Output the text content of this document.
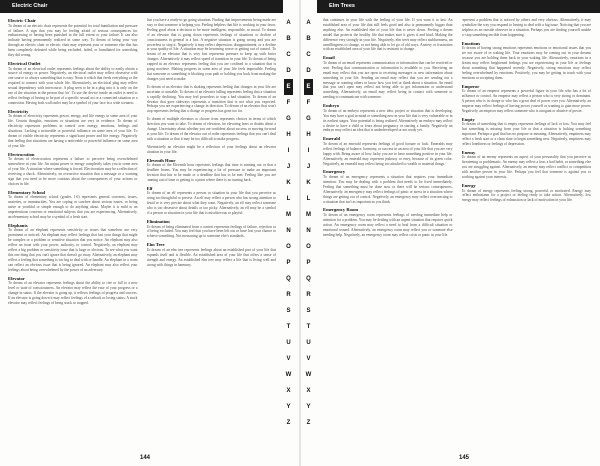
Electric Chair
Electric Chair
To dream of an electric chair represents the potential for total humiliation and pressure of failure. A sign that you may be feeling afraid of serious consequences for embarrassing or having been punished in the full extent or your failure. It can also indicate having permanently realized in some way. To dream of being your way through an electric chair or electric chair may represent your or someone else that has been completely defeated while being excluded, failed, or humiliated for something they did wrong.
Electrical Outlet
To dream of an electrical outlet represents feelings about the ability to easily obtain a source of energy or power. Negatively, an electrical outlet may reflect obsessive with one source or always something that is easy. Noun it which that feeds everything or the required to connect with your whole life. Alternatively, an electrical plug may reflect sexual dependency with intercourse. A plug seen to be in a plug into it is only on the use of the situation in the person that 'on'. To use the device inside an outlet is need to reflect feelings of having to be part of a specific sexual act or a connected situation or a connection. Having both wall outlet may be a symbol of your face in a wide scenario.
Electricity
To dream of electricity represents power, energy, and life energy in some area of your life. Certain thoughts, emotions or situations are very in evidence. To dream of electricity represents problems in control over energy, emotions, feelings and situations. Lacking a noticeable or powerful influence on some area of your life. To dream of visible electricity represents a significant power and life energy. Negatively that feeling that situations are having a noticeable or powerful influence on some area of your life.
Electrocution
To dream of electrocution represents a failure to perceive being overwhelmed somewhere in your life. An unjust power or energy completely takes you in some area of your life. A situation where something is forced. Electrocution may be a reflection of receiving a shock. Alternatively, an overactive situation that a message or a warning sign that you need to be more cautious about the consequences of your actions or choices in life.
Elementary School
To dream of elementary school (grades 1-6) represents general concerns, issues, anxieties, or immaturities. You are coping or carefree about serious issues, or being naive or youthful or simple enough to do anything about. Maybe it is mild or an unpretentious concerns or emotional subjects that you are experiencing. Alternatively, an elementary school may be a symbol of a fresh start.
Elephants
To dream of an elephant represents sensitivity or issues that somehow are very prominent or noticed. An elephant may reflect feelings that last your things that might be complex or a problem or sensitive situation that you notice. An elephant may also reflect an issue with your power, authority, or control. Negatively, an elephant may reflect a big problem or sensitivity issue that is large or obvious. To see what you want this one thing that you can't ignore that doesn't go away. Alternatively, an elephant may reflect a feeling that something is too big to deal with or handle. An elephant in a room can reflect an obvious issue that is being ignored. An elephant may also reflect your feelings about being overwhelmed by the power of an adversary.
Elevator
To dream of an elevator represents feelings about the ability to rise or fall to a new level or state of consciousness. An elevator may reflect the ease of your progress or a change in status. If the elevator is going up, it reflects feelings of progress and success. If an elevator is going down it may reflect feelings of a setback or losing status. A stuck elevator may reflect feelings of being stuck or trapped.
that you have a ready-to-go going situation. Finding that improvements being made are easy or that someone is helping you. Feeling helpless that life is working in your favor. Feeling good about a decision to be more intelligent, responsible, or moral. To dream of an elevator that is going down represents feelings of situations or decline of consciousness in general is a fact. A negative situation is going wrong and you are powerless to stop it. Negatively it may reflect depression, disappointment, or a decline in your quality of life. A situation may be becoming worse or getting out of control. To dream of an elevator that is very fast represents pressure to keep up with faster changes. Alternatively it may reflect speed of transition in your life. To dream of being trapped in an elevator represents feeling that you are confined to a situation that is going nowhere. Making progress in some area of your life feels impossible. Feeling that someone or something is blocking your path or holding you back from making the changes you need to make.
To dream of an elevator that is shaking represents feeling that changes in your life are uncertain or unstable. To dream of an elevator falling represents feeling that a situation is rapidly declining. You may feel powerless to stop a bad situation. To dream of an elevator that goes sideways represents a transition that is not what you expected. Perhaps you are experiencing a change in direction. To dream of an elevator that won't stop represents feeling that a change or progress has gone too far.
To dream of multiple elevators to choose from represents choices in terms of which direction you want to take. To dream of elevators for elevating fears or doubts about a change. Uncertainty about whether you are confident about success or moving forward in your life. To dream of the elevator out of order represents feelings that you can't deal with a situation or that it may be too difficult to make progress.
Alternatively an elevator might be a reflection of your feelings about an elevator situation in your life.
Eleventh Hour
To dream of the Eleventh hour represents feelings that time is running out or that a deadline looms. You may be experiencing a lot of pressure to make an important decision that has to be made or a deadline that has to be met. Feeling like you are running out of time or getting to a point where there is no turning back.
Elf
To dream of an elf represents a person or situation in your life that you perceive as being too thoughtful or precise. An elf may reflect a person who has strong attention to detail or is very precise about what they want. Negatively, an elf may reflect someone who is too obsessive about details or too picky. Alternatively, an elf may be a symbol of a person or situation in your life that is mischievous or playful.
Elimination
To dream of being eliminated from a contest represents feelings of failure, rejection or of being excluded. You may feel that you have been left out or have lost your chance to achieve something. Not measuring up to someone else's standards.
Elm Tree
To dream of an elm tree represents feelings about an established part of your life that expands itself and is flexible. An established area of your life that offers a sense of strength and energy. An established elm tree may reflect a life that is living well and strong with things in harmony.
A
B
C
D
E
F
G
H
I
J
K
L
M
N
O
P
Q
R
S
T
U
V
W
X
Y
Z
144
Elm Trees
that continues in your life with the feeling of your life. If you want it to last. An established area of your life that still feels good and also is permanently bigger than anything else. An established elm of your life that is never down. Feeling a dream model that protects the healthy life that makes sure it gives it and kind. Making the difference very strongly in your life. Negatively, elm trees may reflect stubbornness, an unwillingness to change, or not being able to let go of old ways. Anxiety or frustration with an established area of your life that is resistant to change.
Email
To dream of an email represents communication or information that can be received or sent. Feeling that communication or information is available to you. Receiving an email may reflect that you are open to receiving messages or new information about something in your life. Sending an email may reflect that you are sending out a message or wanting others to know how you feel or think about a situation. An email that you can't open may reflect not being able to get information or understand something. Alternatively, an email may reflect being in contact with someone or needing to communicate with someone.
Embryo
To dream of an embryo represents a new idea, project or situation that is developing. You may have a goal in mind or something new in your life that is very vulnerable or in its earliest stages. Your potential is being realized. Alternatively an embryo may reflect a desire to have a child or fears about pregnancy or starting a family. Negatively an embryo may reflect an idea that is underdeveloped or not ready yet.
Emerald
To dream of an emerald represents feelings of good fortune or luck. Emeralds may reflect feelings of balance, harmony, or success in an area of your life that you are very happy with. Being aware of how lucky you are to have something positive in your life. Alternatively, an emerald may represent jealousy or envy, because of its green color. Negatively, an emerald may reflect being too attached to wealth or material things.
Emergency
To dream of an emergency represents a situation that requires your immediate attention. You may be dealing with a problem that needs to be fixed immediately. Feeling that something must be done now or there will be serious consequences. Alternatively, an emergency may reflect feelings of panic or stress in a situation where things are getting out of control. Negatively, an emergency may reflect overreacting to a situation that isn't as important as you think.
Emergency Room
To dream of an emergency room represents feelings of needing immediate help or attention for a problem. You may be dealing with an urgent situation that requires quick action. An emergency room may reflect a need to heal from a difficult situation or emotional wound. Alternatively, an emergency room may reflect you or someone else needing help. Negatively, an emergency room may reflect crisis or panic in your life.
represent a problem that is noticed by others and very obvious. Alternatively, it may symbolize the way you respond to having to deal with a big issue. Noticing that you are helpless as an outside observer in a situation. Perhaps you are finding yourself unable to stop something terrible from happening.
Emotions
To dream of having strong emotions represents emotions or emotional issues that you are not aware of in waking life. Your emotions may be coming out in your dreams because you are holding them back in your waking life. Alternatively, emotions in a dream may reflect heightened feelings you are experiencing in your life or feelings about something that happened recently. Negatively, strong emotions may reflect feeling overwhelmed by emotions. Positively, you may be getting in touch with your emotions or accepting them.
Emperor
To dream of an emperor represents a powerful figure in your life who has a lot of influence or control. An emperor may reflect a person who is very strong or dominant. A person who is in charge or who has a great deal of power over you. Alternatively, an emperor may reflect feelings of having power yourself or wanting to gain more power. Negatively, an emperor may reflect someone who is arrogant or abusive of power.
Empty
To dream of something that is empty represents feelings of lack or loss. You may feel that something is missing from your life or that a situation is lacking something important. Perhaps a goal that has no purpose or meaning. Alternatively, emptiness may reflect a fresh start or a clean slate to begin something new. Negatively, emptiness may reflect loneliness or feelings of depression.
Enemy
To dream of an enemy represents an aspect of your personality that you perceive as threatening or problematic. An enemy may reflect a fear, a bad habit, or something else you are struggling against. Alternatively, an enemy may reflect conflict or competition with another person in your life. Perhaps you feel that someone is against you or working against your interests.
Energy
To dream of energy represents feeling strong, powerful or motivated. Energy may reflect enthusiasm for a project or feeling ready to take action. Alternatively, low energy may reflect feelings of exhaustion or lack of motivation in your life.
A
B
C
D
E
F
G
H
I
J
K
L
M
N
O
P
Q
R
S
T
U
V
W
X
Y
Z
145
